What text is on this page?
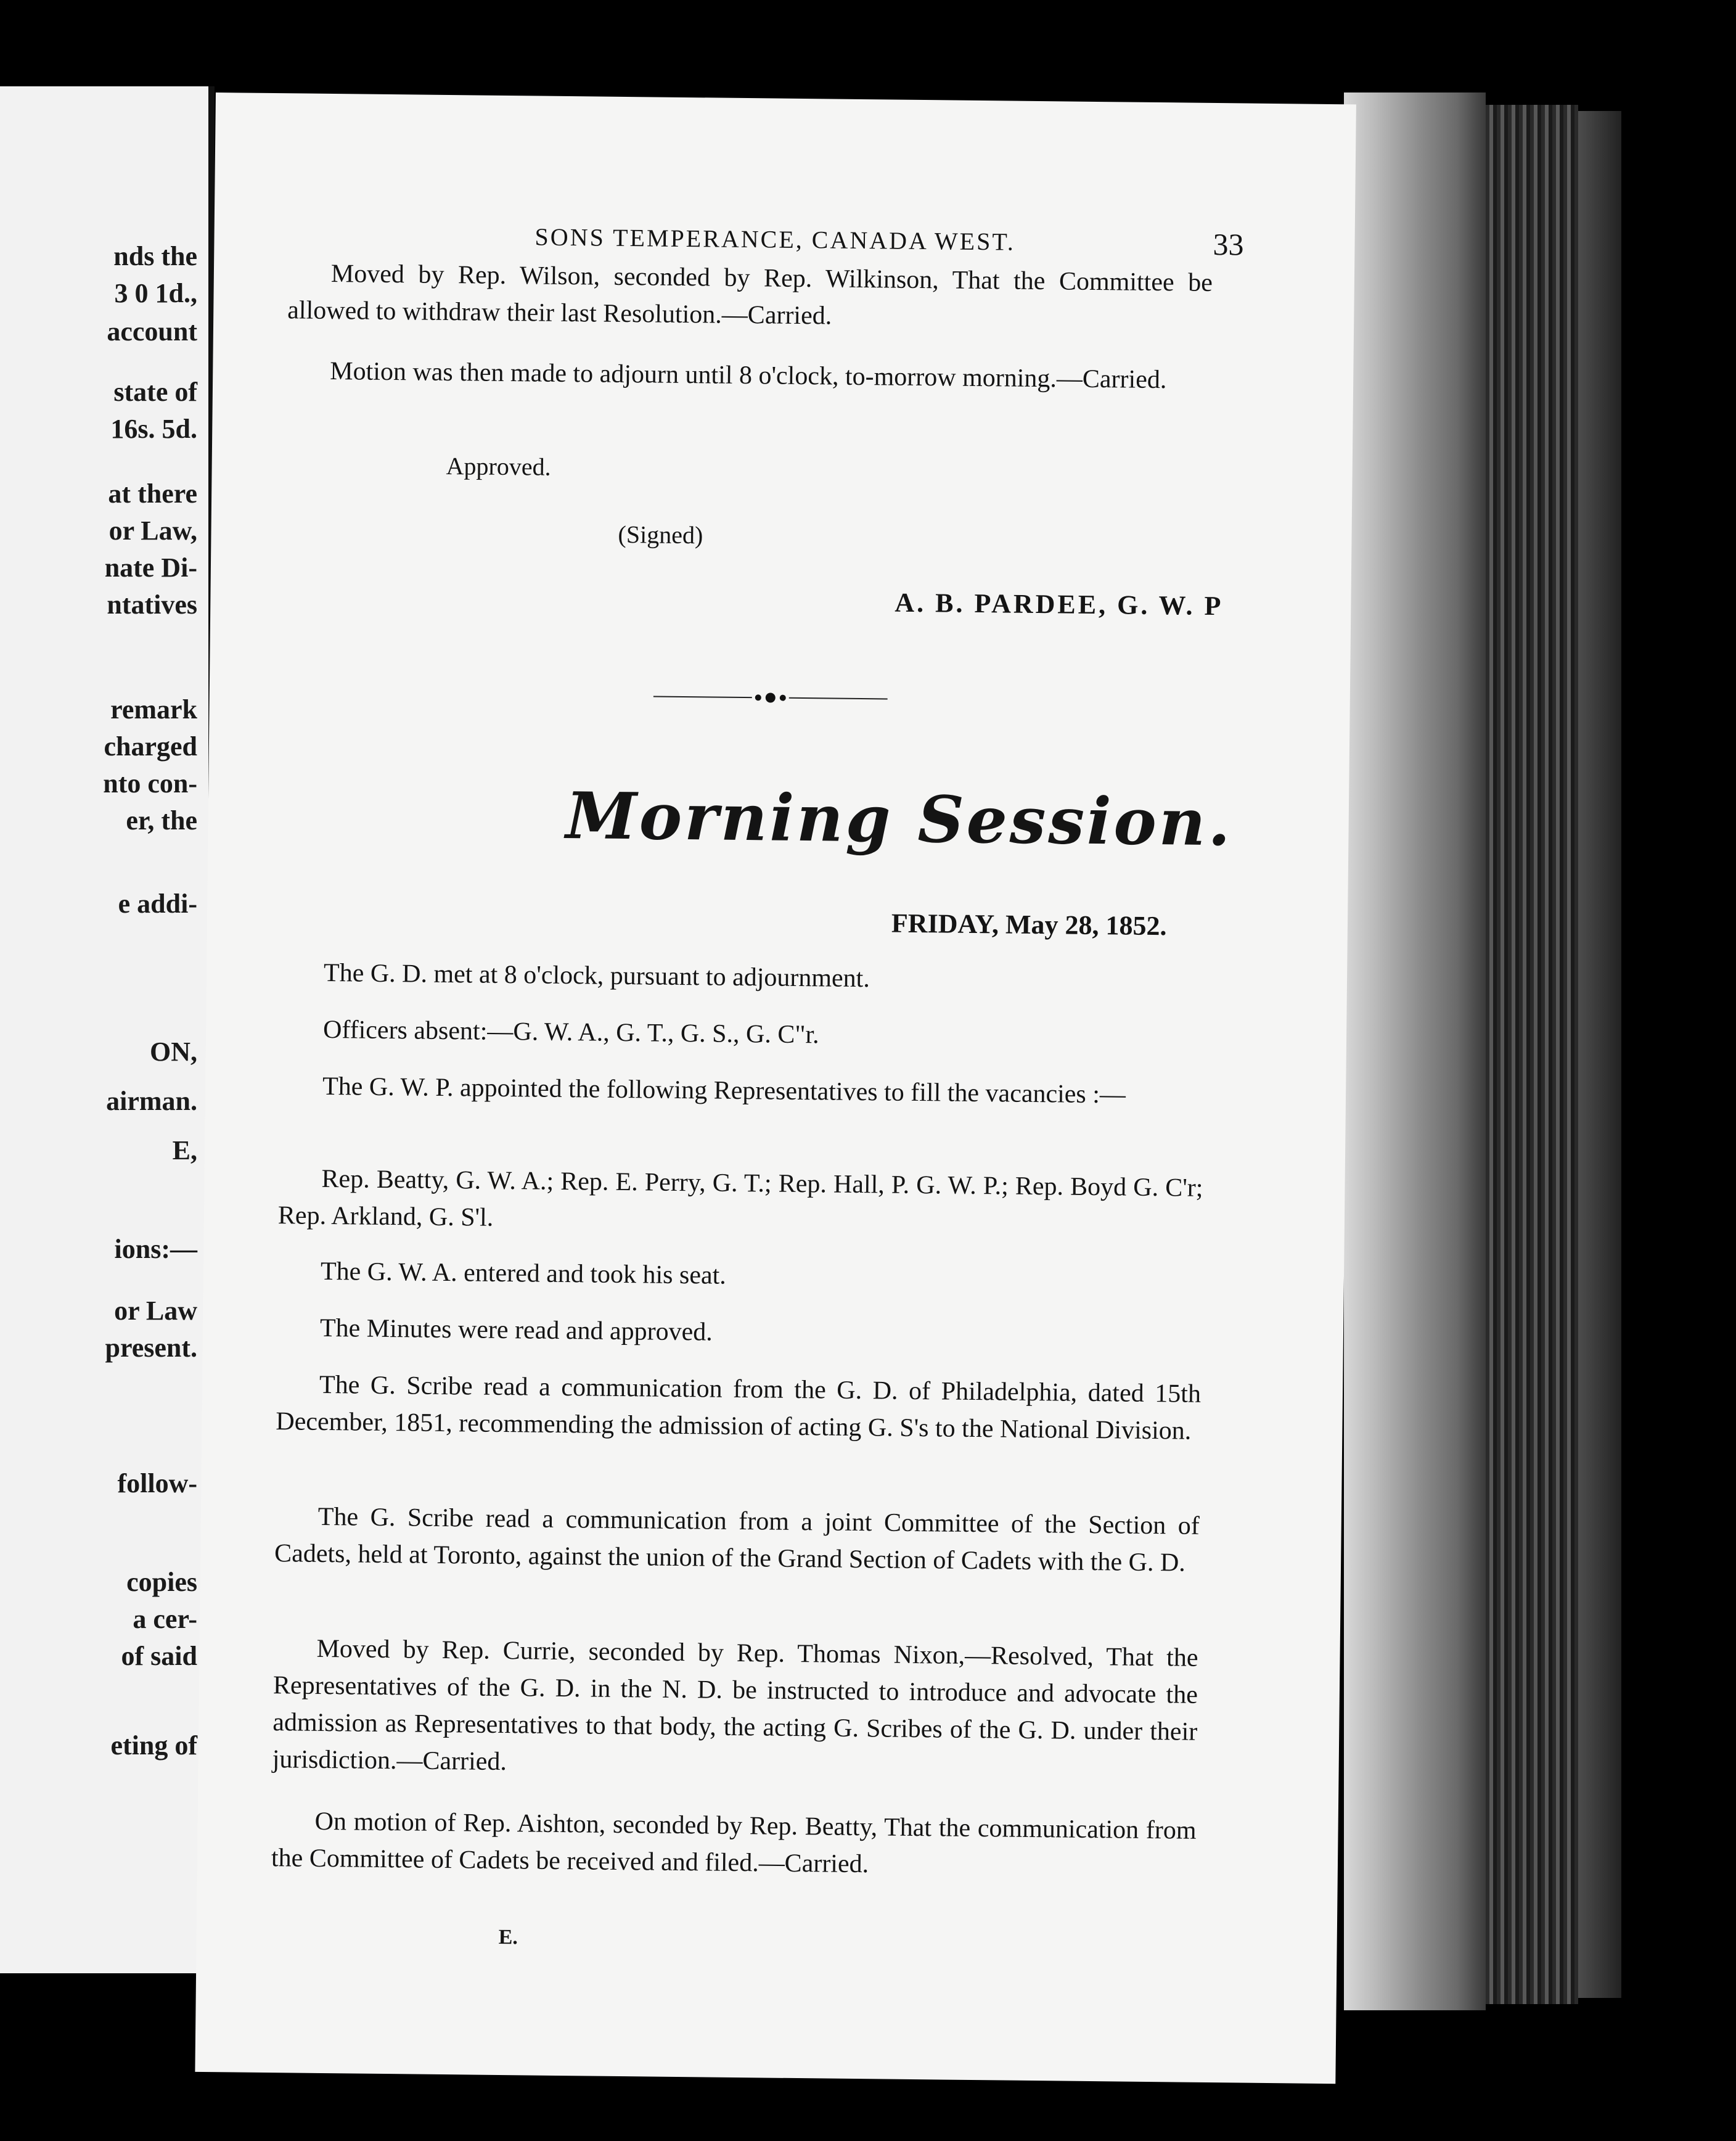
nds the
3 0 1d.,
account
state of
16s. 5d.
at there
or Law,
nate Di-
ntatives
remark
charged
nto con-
er, the
e addi-
ON,
airman.
E,
ions:—
or Law
present.
follow-
copies
a cer-
of said
eting of
SONS TEMPERANCE, CANADA WEST.	33
Moved by Rep. Wilson, seconded by Rep. Wilkinson, That the Committee be allowed to withdraw their last Resolution.—Carried.
Motion was then made to adjourn until 8 o'clock, to-morrow morning.—Carried.
Approved.
(Signed)
A. B. PARDEE, G. W. P
Morning Session.
FRIDAY, May 28, 1852.
The G. D. met at 8 o'clock, pursuant to adjournment.
Officers absent:—G. W. A., G. T., G. S., G. C"r.
The G. W. P. appointed the following Representatives to fill the vacancies :—
Rep. Beatty, G. W. A.; Rep. E. Perry, G. T.; Rep. Hall, P. G. W. P.; Rep. Boyd G. C'r; Rep. Arkland, G. S'l.
The G. W. A. entered and took his seat.
The Minutes were read and approved.
The G. Scribe read a communication from the G. D. of Philadelphia, dated 15th December, 1851, recommending the admission of acting G. S's to the National Division.
The G. Scribe read a communication from a joint Committee of the Section of Cadets, held at Toronto, against the union of the Grand Section of Cadets with the G. D.
Moved by Rep. Currie, seconded by Rep. Thomas Nixon,—Resolved, That the Representatives of the G. D. in the N. D. be instructed to introduce and advocate the admission as Representatives to that body, the acting G. Scribes of the G. D. under their jurisdiction.—Carried.
On motion of Rep. Aishton, seconded by Rep. Beatty, That the communication from the Committee of Cadets be received and filed.—Carried.
E.
